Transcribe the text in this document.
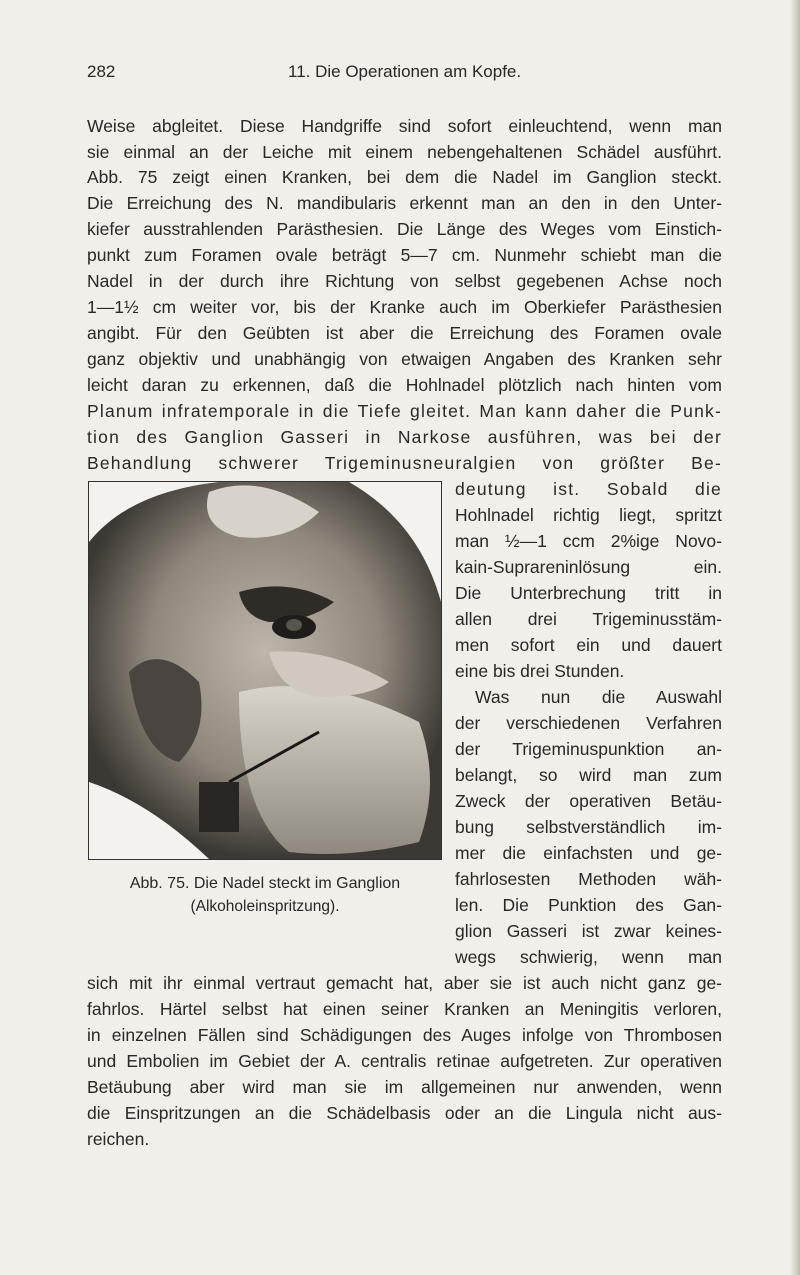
282	11. Die Operationen am Kopfe.
Weise abgleitet. Diese Handgriffe sind sofort einleuchtend, wenn man
sie einmal an der Leiche mit einem nebengehaltenen Schädel ausführt.
Abb. 75 zeigt einen Kranken, bei dem die Nadel im Ganglion steckt.
Die Erreichung des N. mandibularis erkennt man an den in den Unter-
kiefer ausstrahlenden Parästhesien. Die Länge des Weges vom Einstich-
punkt zum Foramen ovale beträgt 5—7 cm. Nunmehr schiebt man die
Nadel in der durch ihre Richtung von selbst gegebenen Achse noch
1—1½ cm weiter vor, bis der Kranke auch im Oberkiefer Parästhesien
angibt. Für den Geübten ist aber die Erreichung des Foramen ovale
ganz objektiv und unabhängig von etwaigen Angaben des Kranken sehr
leicht daran zu erkennen, daß die Hohlnadel plötzlich nach hinten vom
Planum infratemporale in die Tiefe gleitet. Man kann daher die Punk-
tion des Ganglion Gasseri in Narkose ausführen, was bei der
Behandlung schwerer Trigeminusneuralgien von größter Be-
deutung ist. Sobald die
Hohlnadel richtig liegt, spritzt
man ½—1 ccm 2%ige Novo-
kain-Suprareninlösung ein.
Die Unterbrechung tritt in
allen drei Trigeminusstäm-
men sofort ein und dauert
eine bis drei Stunden.
Was nun die Auswahl
der verschiedenen Verfahren
der Trigeminuspunktion an-
belangt, so wird man zum
Zweck der operativen Betäu-
bung selbstverständlich im-
mer die einfachsten und ge-
fahrlosesten Methoden wäh-
len. Die Punktion des Gan-
glion Gasseri ist zwar keines-
wegs schwierig, wenn man
Abb. 75. Die Nadel steckt im Ganglion
(Alkoholeinspritzung).
sich mit ihr einmal vertraut gemacht hat, aber sie ist auch nicht ganz ge-
fahrlos. Härtel selbst hat einen seiner Kranken an Meningitis verloren,
in einzelnen Fällen sind Schädigungen des Auges infolge von Thrombosen
und Embolien im Gebiet der A. centralis retinae aufgetreten. Zur operativen
Betäubung aber wird man sie im allgemeinen nur anwenden, wenn
die Einspritzungen an die Schädelbasis oder an die Lingula nicht aus-
reichen.
